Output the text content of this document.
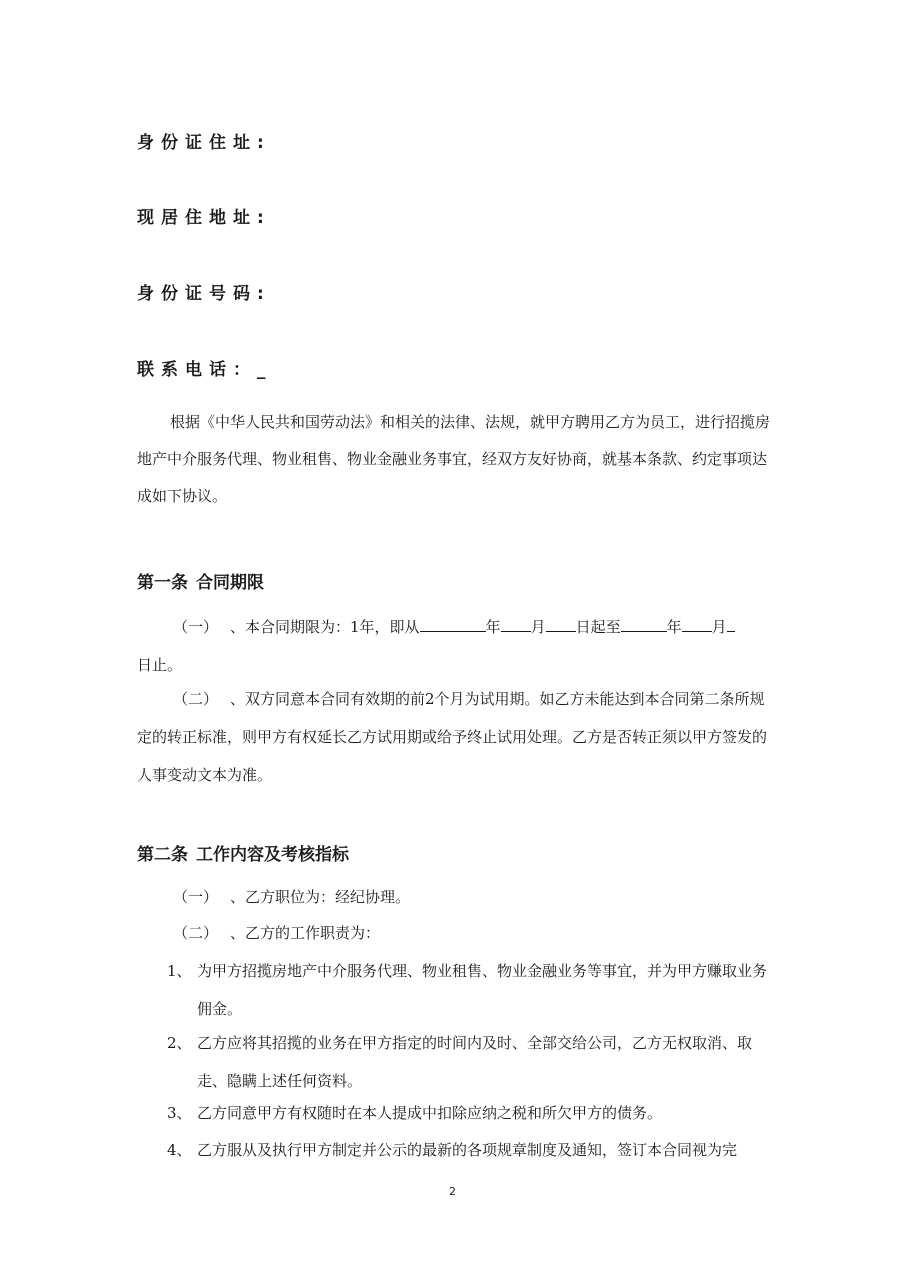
身份证住址:
现居住地址:
身份证号码:
联系电话：_

根据《中华人民共和国劳动法》和相关的法律、法规，就甲方聘用乙方为员工，进行招揽房地产中介服务代理、物业租售、物业金融业务事宜，经双方友好协商，就基本条款、约定事项达成如下协议。

第一条 合同期限
（一） 、本合同期限为：1年，即从	年 月 日起至	年 月
日止。
（二） 、双方同意本合同有效期的前2个月为试用期。如乙方未能达到本合同第二条所规定的转正标准，则甲方有权延长乙方试用期或给予终止试用处理。乙方是否转正须以甲方签发的人事变动文本为准。
第二条 工作内容及考核指标
（一） 、乙方职位为：经纪协理。
（二） 、乙方的工作职责为：
1、 为甲方招揽房地产中介服务代理、物业租售、物业金融业务等事宜，并为甲方赚取业务佣金。
2、 乙方应将其招揽的业务在甲方指定的时间内及时、全部交给公司，乙方无权取消、取走、隐瞒上述任何资料。
3、 乙方同意甲方有权随时在本人提成中扣除应纳之税和所欠甲方的债务。
4、 乙方服从及执行甲方制定并公示的最新的各项规章制度及通知，签订本合同视为完
2
